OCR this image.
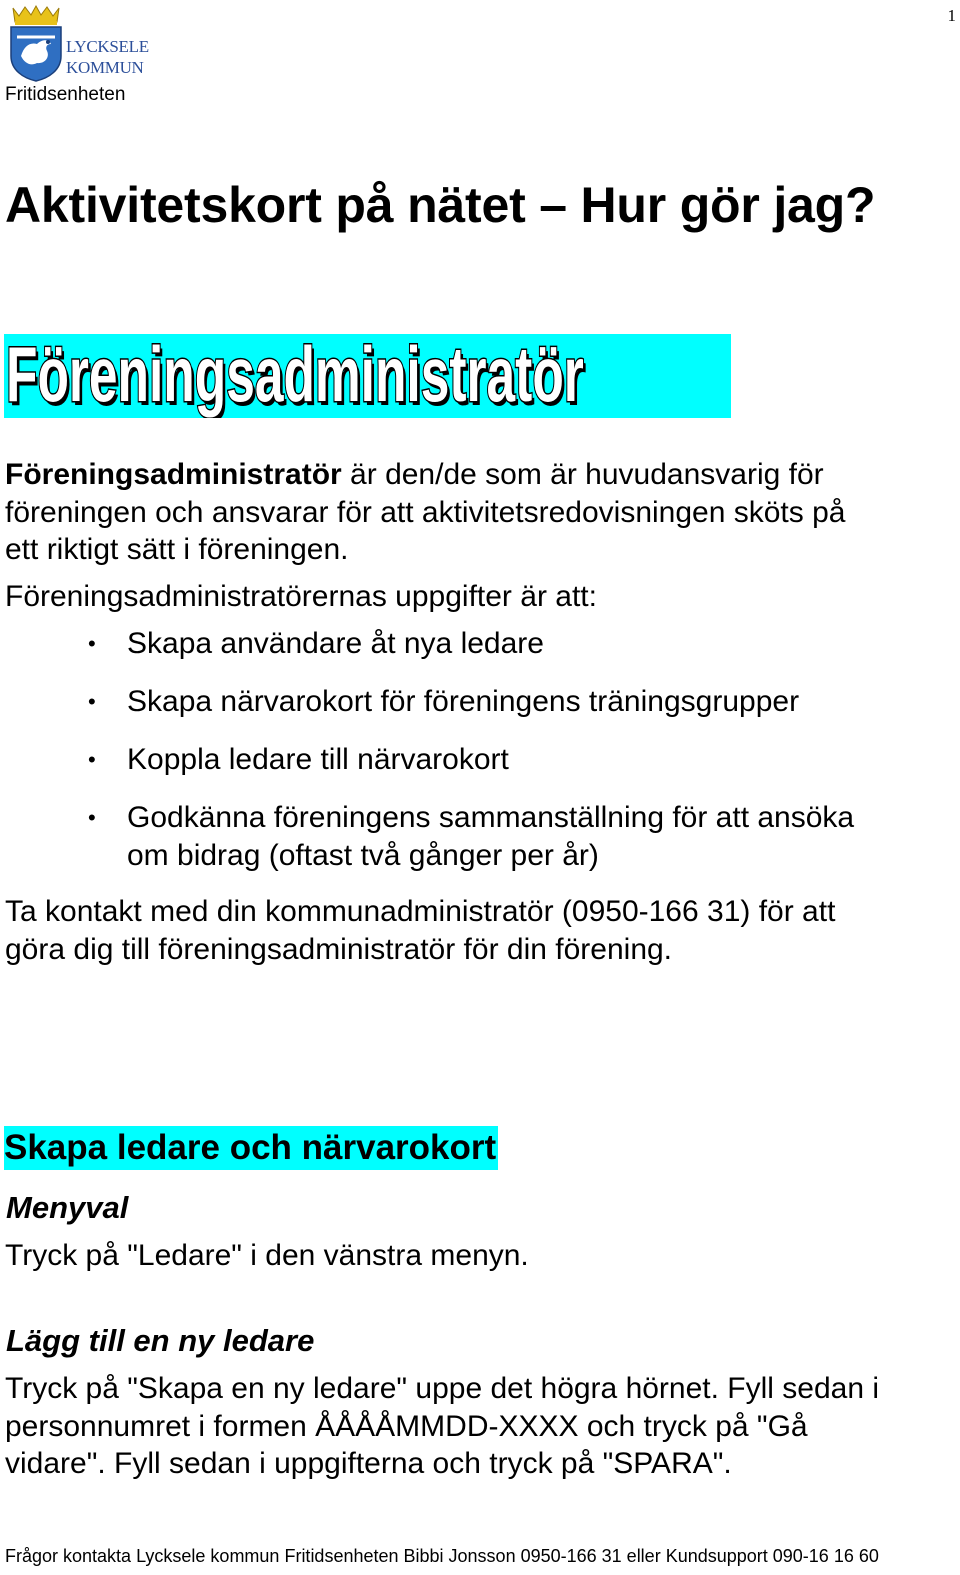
1
LYCKSELE
KOMMUN
Fritidsenheten
Aktivitetskort på nätet – Hur gör jag?
Föreningsadministratör
Föreningsadministratör är den/de som är huvudansvarig för
föreningen och ansvarar för att aktivitetsredovisningen sköts på
ett riktigt sätt i föreningen.
Föreningsadministratörernas uppgifter är att:
• Skapa användare åt nya ledare
• Skapa närvarokort för föreningens träningsgrupper
• Koppla ledare till närvarokort
• Godkänna föreningens sammanställning för att ansöka
om bidrag (oftast två gånger per år)
Ta kontakt med din kommunadministratör (0950-166 31) för att
göra dig till föreningsadministratör för din förening.
Skapa ledare och närvarokort
Menyval
Tryck på "Ledare" i den vänstra menyn.
Lägg till en ny ledare
Tryck på "Skapa en ny ledare" uppe det högra hörnet. Fyll sedan i
personnumret i formen ÅÅÅÅMMDD-XXXX och tryck på "Gå
vidare". Fyll sedan i uppgifterna och tryck på "SPARA".
Frågor kontakta Lycksele kommun Fritidsenheten Bibbi Jonsson 0950-166 31 eller Kundsupport 090-16 16 60
